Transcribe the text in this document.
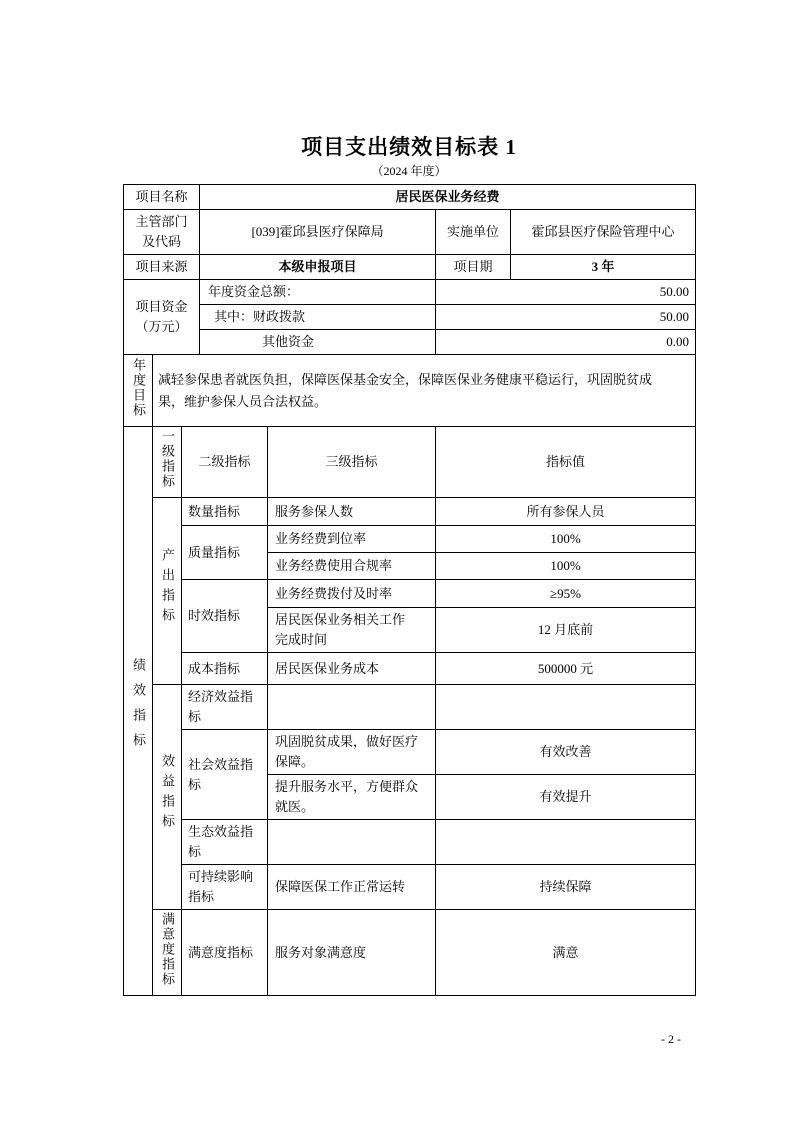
项目支出绩效目标表 1
（2024 年度）
项目名称			居民医保业务经费			
主管部门及代码			[039]霍邱县医疗保障局		实施单位	霍邱县医疗保险管理中心
项目来源			本级申报项目		项目期	3 年
项目资金（万元）			年度资金总额：		50.00	
			其中：财政拨款		50.00	
			其他资金		0.00	
年度目标	减轻参保患者就医负担，保障医保基金安全，保障医保业务健康平稳运行，巩固脱贫成果，维护参保人员合法权益。					
绩效指标	一级指标	二级指标		三级指标	指标值	
	产出指标	数量指标		服务参保人数	所有参保人员	
		质量指标		业务经费到位率	100%	
				业务经费使用合规率	100%	
		时效指标		业务经费拨付及时率	≥95%	
				居民医保业务相关工作完成时间	12 月底前	
		成本指标		居民医保业务成本	500000 元	
	效益指标	经济效益指标				
		社会效益指标		巩固脱贫成果，做好医疗保障。	有效改善	
				提升服务水平，方便群众就医。	有效提升	
		生态效益指标				
		可持续影响指标		保障医保工作正常运转	持续保障	
	满意度指标	满意度指标		服务对象满意度	满意	
- 2 -
